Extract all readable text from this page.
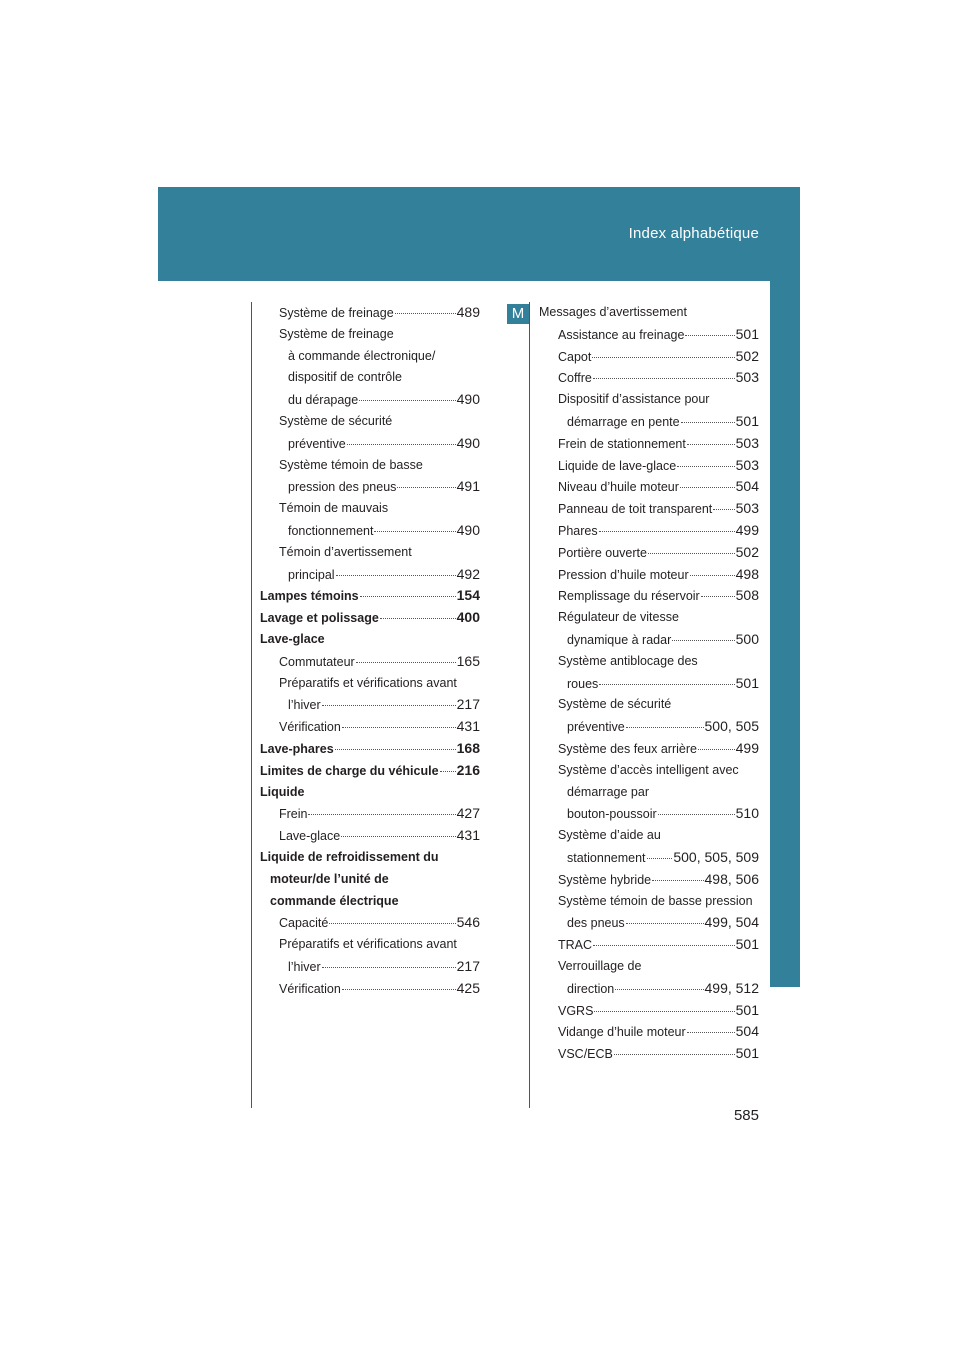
Index alphabétique
M
Système de freinage	489
Système de freinage
à commande électronique/
dispositif de contrôle
du dérapage	490
Système de sécurité
préventive	490
Système témoin de basse
pression des pneus	491
Témoin de mauvais
fonctionnement	490
Témoin d’avertissement
principal	492
Lampes témoins	154
Lavage et polissage	400
Lave-glace
Commutateur	165
Préparatifs et vérifications avant
l’hiver	217
Vérification	431
Lave-phares	168
Limites de charge du véhicule 216
Liquide
Frein	427
Lave-glace	431
Liquide de refroidissement du
moteur/de l’unité de
commande électrique
Capacité	546
Préparatifs et vérifications avant
l’hiver	217
Vérification	425
Messages d’avertissement
Assistance au freinage	501
Capot	502
Coffre	503
Dispositif d’assistance pour
démarrage en pente	501
Frein de stationnement	503
Liquide de lave-glace	503
Niveau d’huile moteur	504
Panneau de toit transparent 503
Phares	499
Portière ouverte	502
Pression d’huile moteur	498
Remplissage du réservoir	508
Régulateur de vitesse
dynamique à radar	500
Système antiblocage des
roues	501
Système de sécurité
préventive	500, 505
Système des feux arrière	499
Système d’accès intelligent avec
démarrage par
bouton-poussoir	510
Système d’aide au
stationnement 500, 505, 509
Système hybride	498, 506
Système témoin de basse pression
des pneus	499, 504
TRAC	501
Verrouillage de
direction	499, 512
VGRS	501
Vidange d’huile moteur	504
VSC/ECB	501
585
